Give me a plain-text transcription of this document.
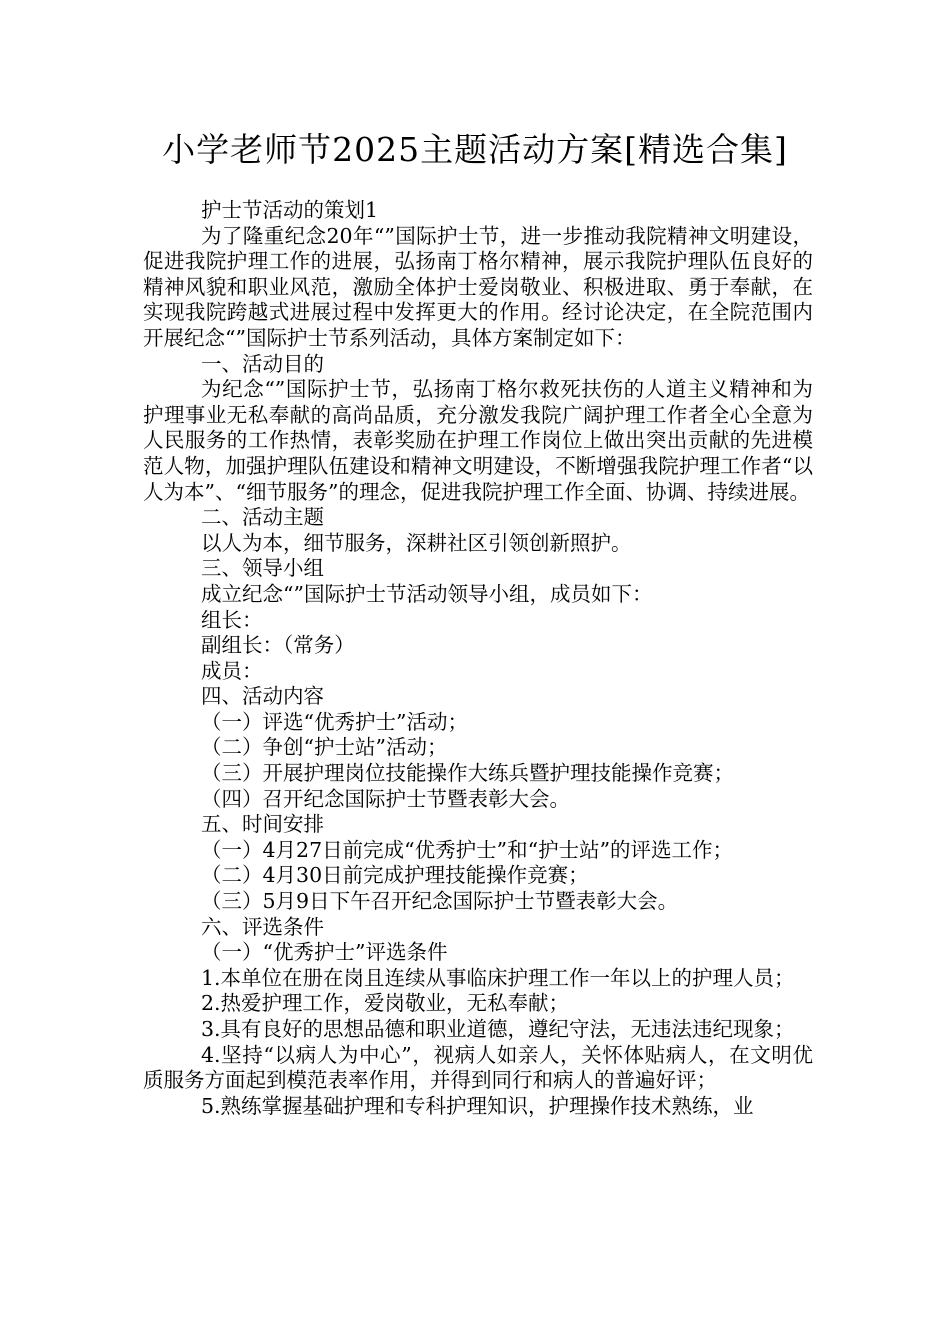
小学老师节2025主题活动方案[精选合集]
护士节活动的策划1
为了隆重纪念20年“”国际护士节，进一步推动我院精神文明建设，促进我院护理工作的进展，弘扬南丁格尔精神，展示我院护理队伍良好的精神风貌和职业风范，激励全体护士爱岗敬业、积极进取、勇于奉献，在实现我院跨越式进展过程中发挥更大的作用。经讨论决定，在全院范围内开展纪念“”国际护士节系列活动，具体方案制定如下：
一、活动目的
为纪念“”国际护士节，弘扬南丁格尔救死扶伤的人道主义精神和为护理事业无私奉献的高尚品质，充分激发我院广阔护理工作者全心全意为人民服务的工作热情，表彰奖励在护理工作岗位上做出突出贡献的先进模范人物，加强护理队伍建设和精神文明建设，不断增强我院护理工作者“以人为本”、“细节服务”的理念，促进我院护理工作全面、协调、持续进展。
二、活动主题
以人为本，细节服务，深耕社区引领创新照护。
三、领导小组
成立纪念“”国际护士节活动领导小组，成员如下：
组长：
副组长：（常务）
成员：
四、活动内容
（一）评选“优秀护士”活动；
（二）争创“护士站”活动；
（三）开展护理岗位技能操作大练兵暨护理技能操作竞赛；
（四）召开纪念国际护士节暨表彰大会。
五、时间安排
（一）4月27日前完成“优秀护士”和“护士站”的评选工作；
（二）4月30日前完成护理技能操作竞赛；
（三）5月9日下午召开纪念国际护士节暨表彰大会。
六、评选条件
（一）“优秀护士”评选条件
1.本单位在册在岗且连续从事临床护理工作一年以上的护理人员；
2.热爱护理工作，爱岗敬业，无私奉献；
3.具有良好的思想品德和职业道德，遵纪守法，无违法违纪现象；
4.坚持“以病人为中心”，视病人如亲人，关怀体贴病人，在文明优质服务方面起到模范表率作用，并得到同行和病人的普遍好评；
5.熟练掌握基础护理和专科护理知识，护理操作技术熟练，业
